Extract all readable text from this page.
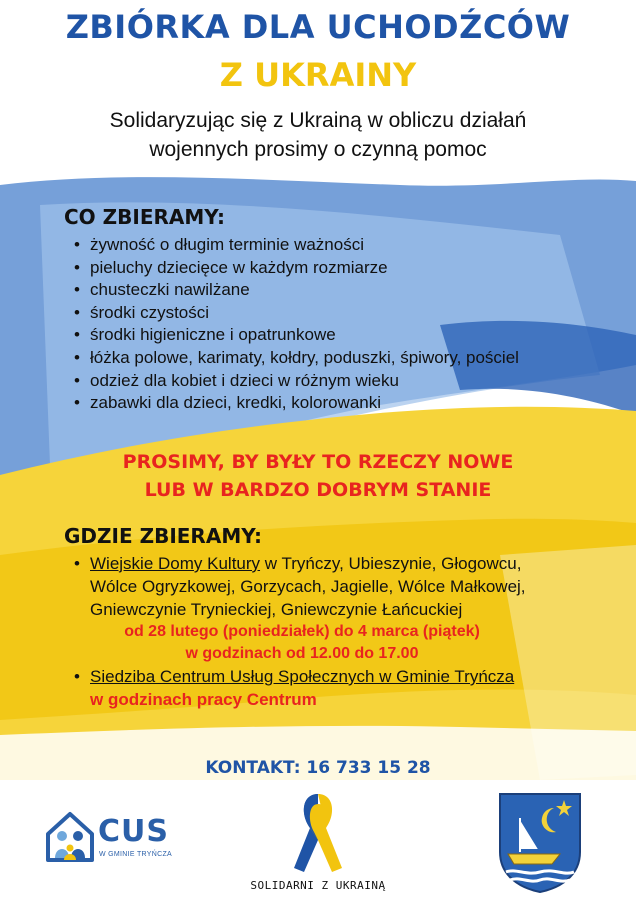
ZBIÓRKA DLA UCHODŹCÓW
Z UKRAINY

Solidaryzując się z Ukrainą w obliczu działań
wojennych prosimy o czynną pomoc

CO ZBIERAMY:
• żywność o długim terminie ważności
• pieluchy dziecięce w każdym rozmiarze
• chusteczki nawilżane
• środki czystości
• środki higieniczne i opatrunkowe
• łóżka polowe, karimaty, kołdry, poduszki, śpiwory, pościel
• odzież dla kobiet i dzieci w różnym wieku
• zabawki dla dzieci, kredki, kolorowanki

PROSIMY, BY BYŁY TO RZECZY NOWE
LUB W BARDZO DOBRYM STANIE

GDZIE ZBIERAMY:
• Wiejskie Domy Kultury w Tryńczy, Ubieszynie, Głogowcu, Wólce Ogryzkowej, Gorzycach, Jagielle, Wólce Małkowej, Gniewczynie Trynieckiej, Gniewczynie Łańcuckiej
od 28 lutego (poniedziałek) do 4 marca (piątek)
w godzinach od 12.00 do 17.00
• Siedziba Centrum Usług Społecznych w Gminie Tryńcza w godzinach pracy Centrum

KONTAKT: 16 733 15 28

CUS
W GMINIE TRYŃCZA
SOLIDARNI Z UKRAINĄ
